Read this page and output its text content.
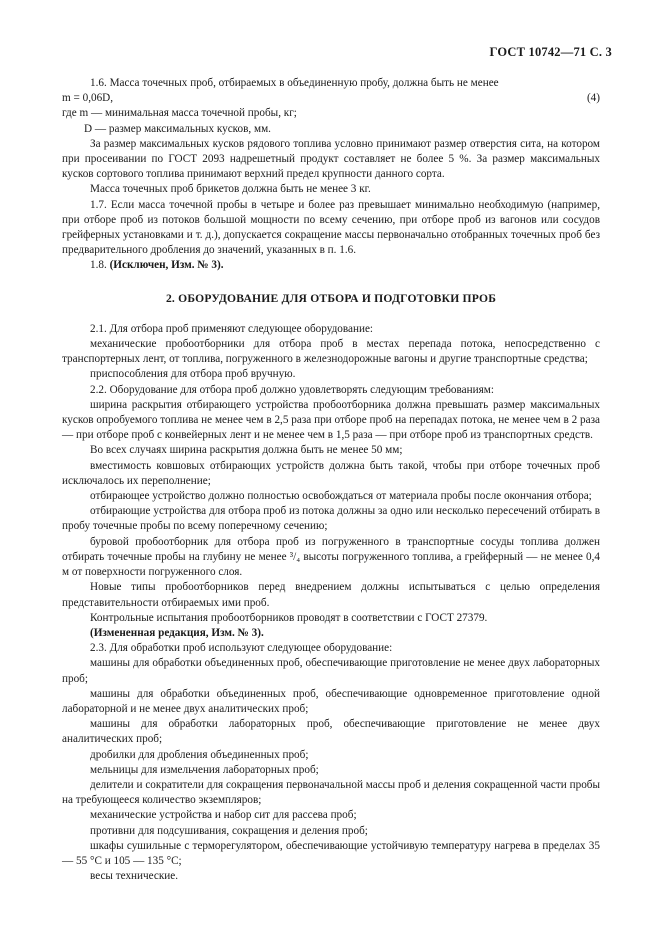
ГОСТ 10742—71 С. 3
1.6. Масса точечных проб, отбираемых в объединенную пробу, должна быть не менее
m = 0,06D,	(4)
где m — минимальная масса точечной пробы, кг;
D — размер максимальных кусков, мм.
За размер максимальных кусков рядового топлива условно принимают размер отверстия сита, на котором при просеивании по ГОСТ 2093 надрешетный продукт составляет не более 5 %. За размер максимальных кусков сортового топлива принимают верхний предел крупности данного сорта.
Масса точечных проб брикетов должна быть не менее 3 кг.
1.7. Если масса точечной пробы в четыре и более раз превышает минимально необходимую (например, при отборе проб из потоков большой мощности по всему сечению, при отборе проб из вагонов или сосудов грейферных установками и т. д.), допускается сокращение массы первоначально отобранных точечных проб без предварительного дробления до значений, указанных в п. 1.6.
1.8. (Исключен, Изм. № 3).
2. ОБОРУДОВАНИЕ ДЛЯ ОТБОРА И ПОДГОТОВКИ ПРОБ
2.1. Для отбора проб применяют следующее оборудование:
механические пробоотборники для отбора проб в местах перепада потока, непосредственно с транспортерных лент, от топлива, погруженного в железнодорожные вагоны и другие транспортные средства;
приспособления для отбора проб вручную.
2.2. Оборудование для отбора проб должно удовлетворять следующим требованиям:
ширина раскрытия отбирающего устройства пробоотборника должна превышать размер максимальных кусков опробуемого топлива не менее чем в 2,5 раза при отборе проб на перепадах потока, не менее чем в 2 раза — при отборе проб с конвейерных лент и не менее чем в 1,5 раза — при отборе проб из транспортных средств.
Во всех случаях ширина раскрытия должна быть не менее 50 мм;
вместимость ковшовых отбирающих устройств должна быть такой, чтобы при отборе точечных проб исключалось их переполнение;
отбирающее устройство должно полностью освобождаться от материала пробы после окончания отбора;
отбирающие устройства для отбора проб из потока должны за одно или несколько пересечений отбирать в пробу точечные пробы по всему поперечному сечению;
буровой пробоотборник для отбора проб из погруженного в транспортные сосуды топлива должен отбирать точечные пробы на глубину не менее ³/₄ высоты погруженного топлива, а грейферный — не менее 0,4 м от поверхности погруженного слоя.
Новые типы пробоотборников перед внедрением должны испытываться с целью определения представительности отбираемых ими проб.
Контрольные испытания пробоотборников проводят в соответствии с ГОСТ 27379.
(Измененная редакция, Изм. № 3).
2.3. Для обработки проб используют следующее оборудование:
машины для обработки объединенных проб, обеспечивающие приготовление не менее двух лабораторных проб;
машины для обработки объединенных проб, обеспечивающие одновременное приготовление одной лабораторной и не менее двух аналитических проб;
машины для обработки лабораторных проб, обеспечивающие приготовление не менее двух аналитических проб;
дробилки для дробления объединенных проб;
мельницы для измельчения лабораторных проб;
делители и сократители для сокращения первоначальной массы проб и деления сокращенной части пробы на требующееся количество экземпляров;
механические устройства и набор сит для рассева проб;
противни для подсушивания, сокращения и деления проб;
шкафы сушильные с терморегулятором, обеспечивающие устойчивую температуру нагрева в пределах 35 — 55 °C и 105 — 135 °C;
весы технические.
